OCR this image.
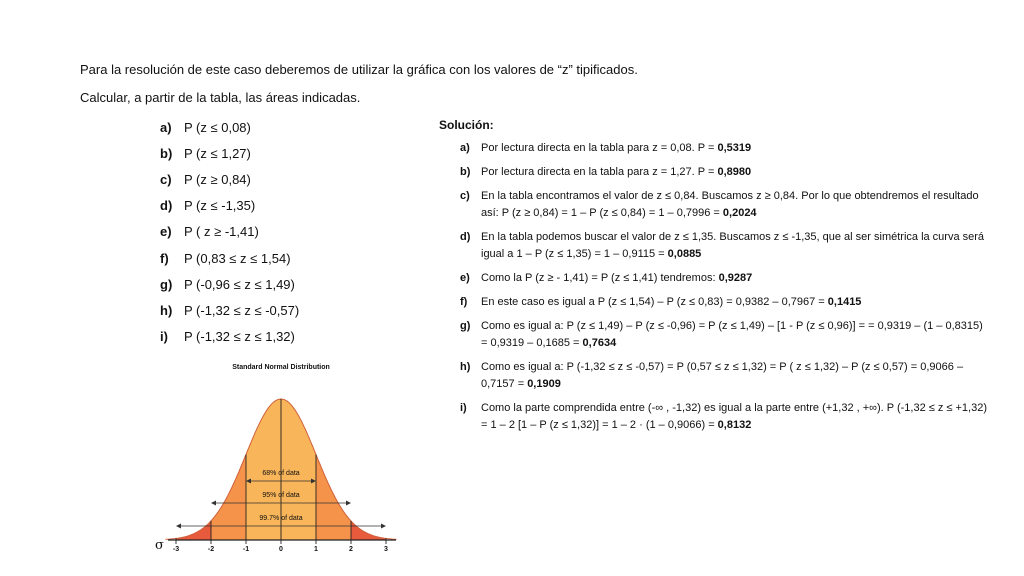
Para la resolución de este caso deberemos de utilizar la gráfica con los valores de “z” tipificados.
Calcular, a partir de la tabla, las áreas indicadas.
a) P (z ≤ 0,08)
b) P (z ≤ 1,27)
c) P (z ≥ 0,84)
d) P (z ≤ -1,35)
e) P ( z ≥ -1,41)
f)	P (0,83 ≤ z ≤ 1,54)
g) P (-0,96 ≤ z ≤ 1,49)
h) P (-1,32 ≤ z ≤ -0,57)
i)	P (-1,32 ≤ z ≤ 1,32)
Solución:
a)	Por lectura directa en la tabla para z = 0,08. P = 0,5319
b) Por lectura directa en la tabla para z = 1,27. P = 0,8980
c)	En la tabla encontramos el valor de z ≤ 0,84. Buscamos z ≥ 0,84. Por lo que obtendremos el resultado así: P (z ≥ 0,84) = 1 – P (z ≤ 0,84) = 1 – 0,7996 = 0,2024
d) En la tabla podemos buscar el valor de z ≤ 1,35. Buscamos z ≤ -1,35, que al ser simétrica la curva será igual a 1 – P (z ≤ 1,35) = 1 – 0,9115 = 0,0885
e)	Como la P (z ≥ - 1,41) = P (z ≤ 1,41) tendremos: 0,9287
f)	En este caso es igual a P (z ≤ 1,54) – P (z ≤ 0,83) = 0,9382 – 0,7967 = 0,1415
g) Como es igual a: P (z ≤ 1,49) – P (z ≤ -0,96) = P (z ≤ 1,49) – [1 - P (z ≤ 0,96)] = = 0,9319 – (1 – 0,8315) = 0,9319 – 0,1685 = 0,7634
h) Como es igual a: P (-1,32 ≤ z ≤ -0,57) = P (0,57 ≤ z ≤ 1,32) = P ( z ≤ 1,32) – P (z ≤ 0,57) = 0,9066 – 0,7157 = 0,1909
i)	Como la parte comprendida entre (-∞ , -1,32) es igual a la parte entre (+1,32 , +∞). P (-1,32 ≤ z ≤ +1,32) = 1 – 2 [1 – P (z ≤ 1,32)] = 1 – 2 · (1 – 0,9066) = 0,8132
Standard Normal Distribution
σ
68% of data
95% of data
99.7% of data
-3	-2	-1	0	1	2	3
